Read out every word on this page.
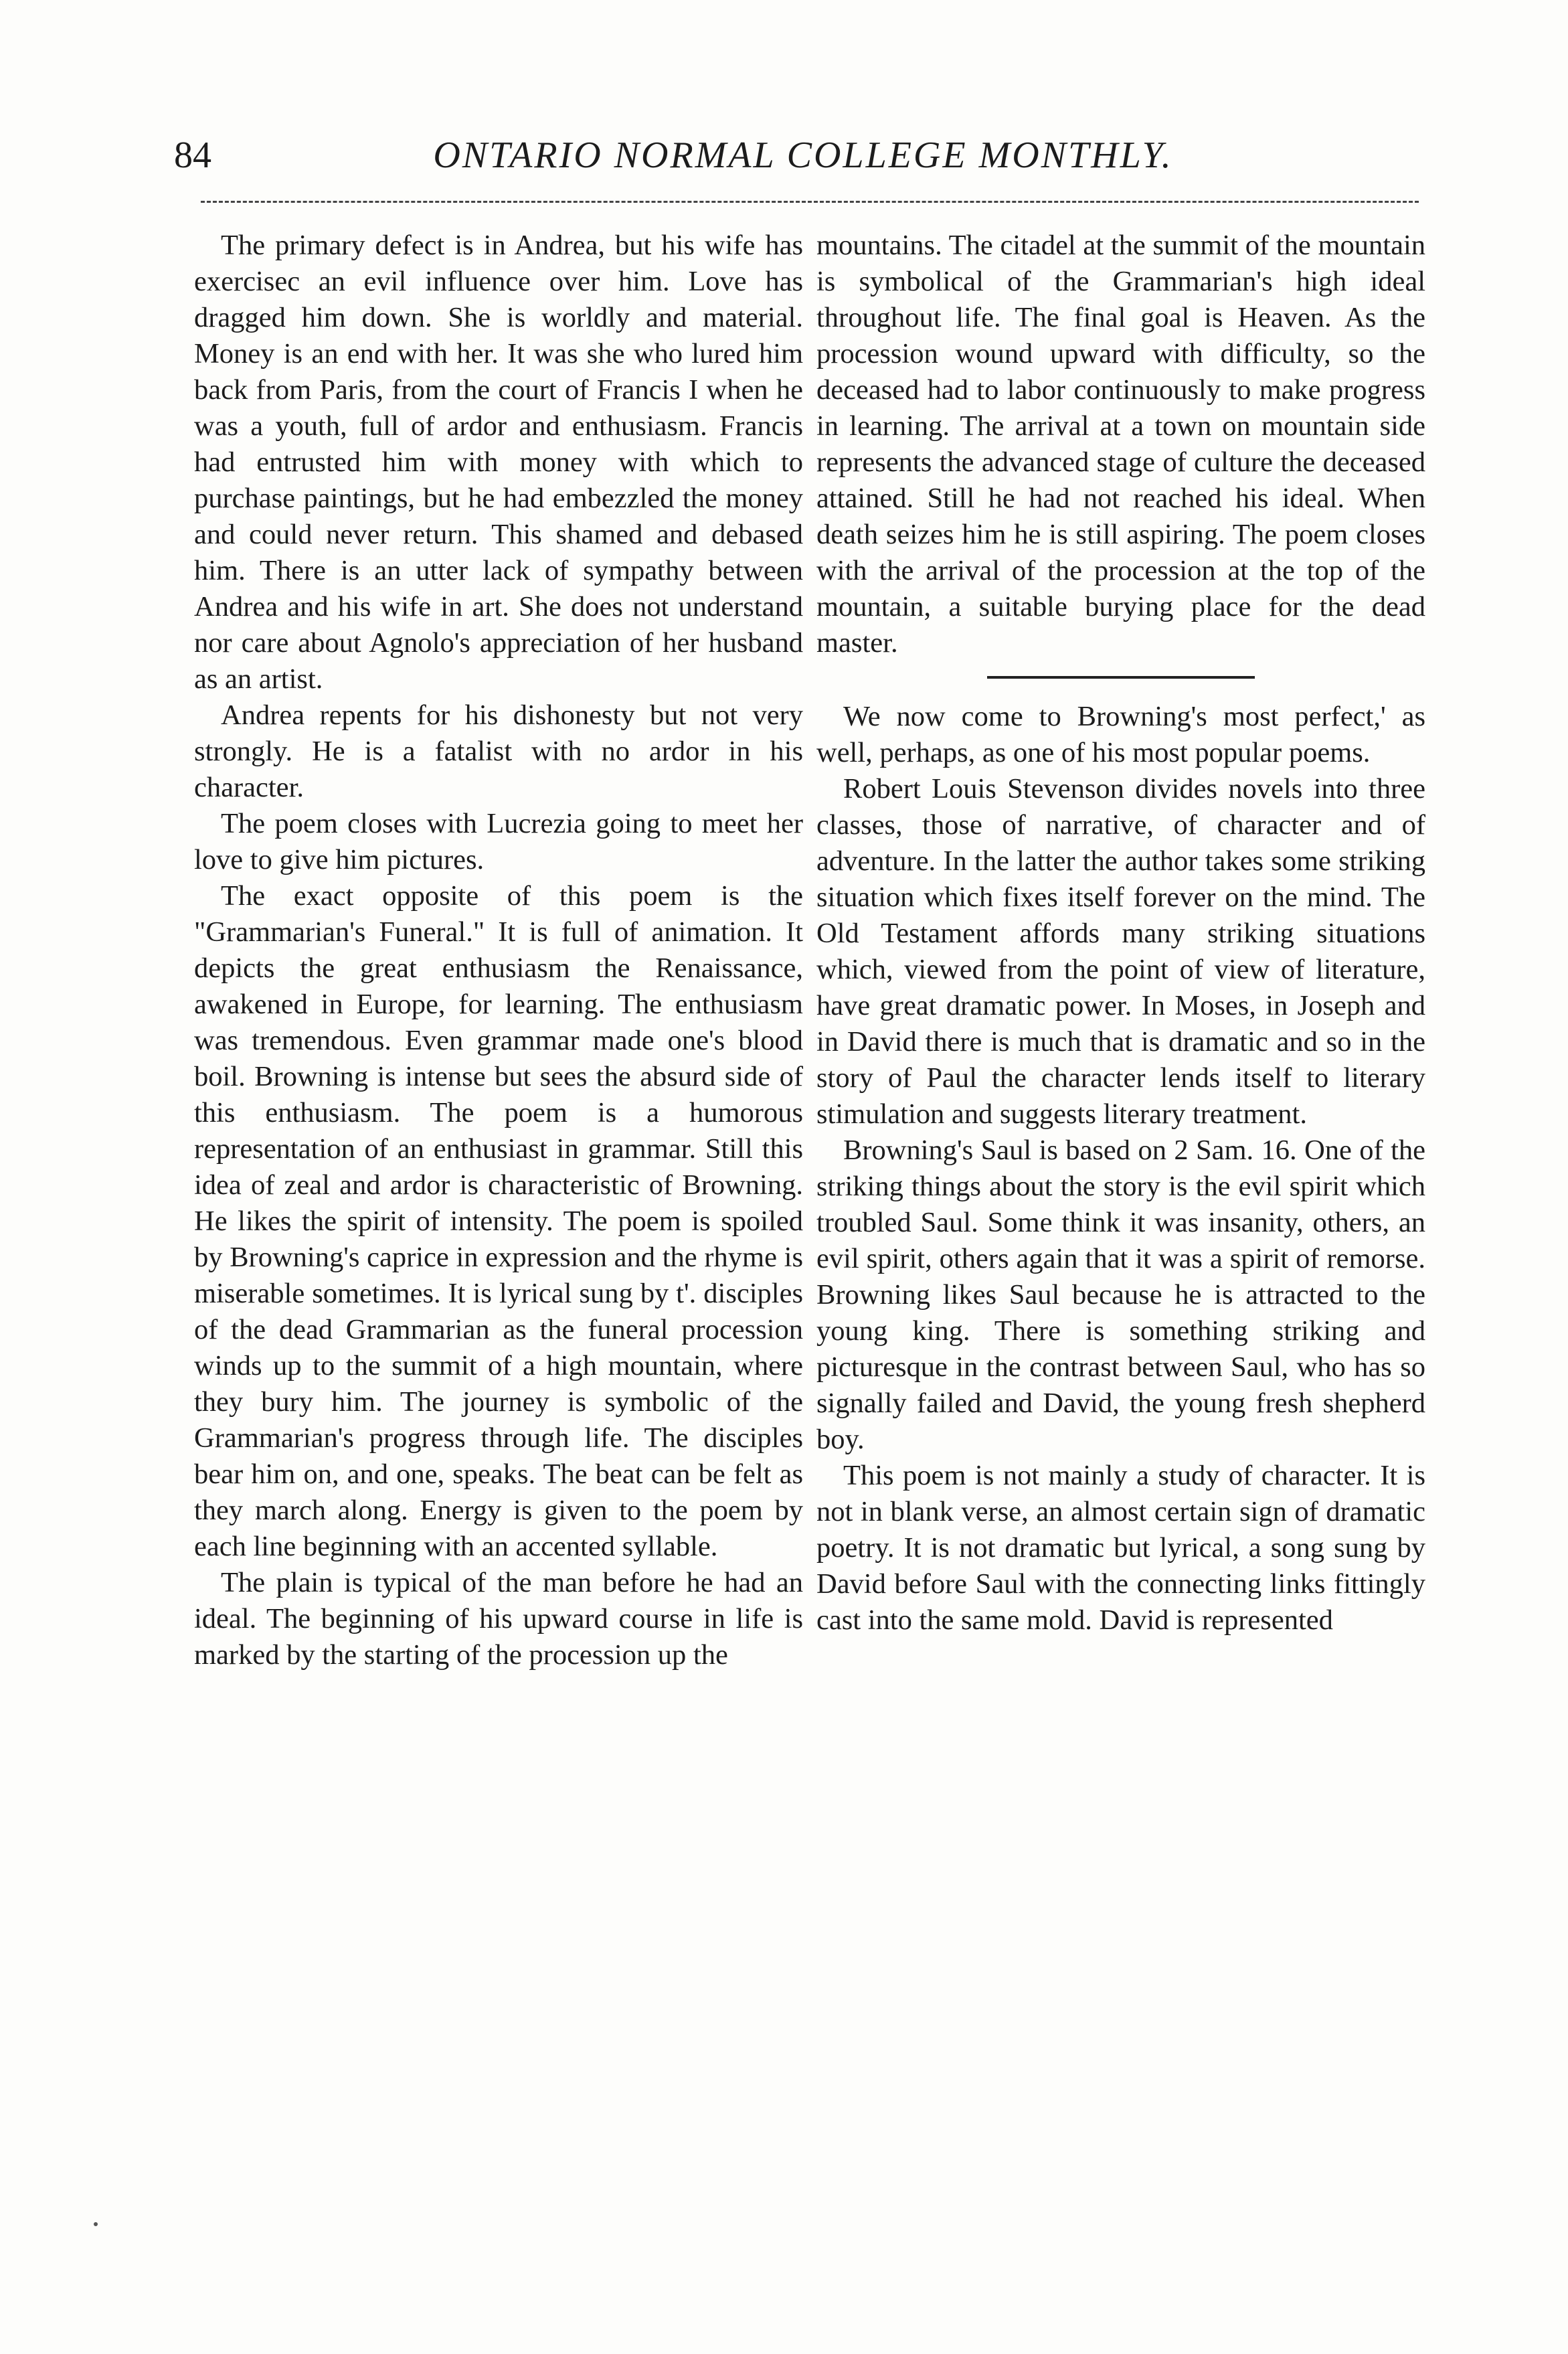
84	ONTARIO NORMAL COLLEGE MONTHLY.

The primary defect is in Andrea, but his wife has exercisec an evil influence over him. Love has dragged him down. She is worldly and material. Money is an end with her. It was she who lured him back from Paris, from the court of Francis I when he was a youth, full of ardor and enthusiasm. Francis had entrusted him with money with which to purchase paintings, but he had embezzled the money and could never return. This shamed and debased him. There is an utter lack of sympathy between Andrea and his wife in art. She does not understand nor care about Agnolo's appreciation of her husband as an artist.

Andrea repents for his dishonesty but not very strongly. He is a fatalist with no ardor in his character.

The poem closes with Lucrezia going to meet her love to give him pictures.

The exact opposite of this poem is the "Grammarian's Funeral." It is full of animation. It depicts the great enthusiasm the Renaissance, awakened in Europe, for learning. The enthusiasm was tremendous. Even grammar made one's blood boil. Browning is intense but sees the absurd side of this enthusiasm. The poem is a humorous representation of an enthusiast in grammar. Still this idea of zeal and ardor is characteristic of Browning. He likes the spirit of intensity. The poem is spoiled by Browning's caprice in expression and the rhyme is miserable sometimes. It is lyrical sung by t'. disciples of the dead Grammarian as the funeral procession winds up to the summit of a high mountain, where they bury him. The journey is symbolic of the Grammarian's progress through life. The disciples bear him on, and one, speaks. The beat can be felt as they march along. Energy is given to the poem by each line beginning with an accented syllable.

The plain is typical of the man before he had an ideal. The beginning of his upward course in life is marked by the starting of the procession up the

mountains. The citadel at the summit of the mountain is symbolical of the Grammarian's high ideal throughout life. The final goal is Heaven. As the procession wound upward with difficulty, so the deceased had to labor continuously to make progress in learning. The arrival at a town on mountain side represents the advanced stage of culture the deceased attained. Still he had not reached his ideal. When death seizes him he is still aspiring. The poem closes with the arrival of the procession at the top of the mountain, a suitable burying place for the dead master.

We now come to Browning's most perfect,' as well, perhaps, as one of his most popular poems.

Robert Louis Stevenson divides novels into three classes, those of narrative, of character and of adventure. In the latter the author takes some striking situation which fixes itself forever on the mind. The Old Testament affords many striking situations which, viewed from the point of view of literature, have great dramatic power. In Moses, in Joseph and in David there is much that is dramatic and so in the story of Paul the character lends itself to literary stimulation and suggests literary treatment.

Browning's Saul is based on 2 Sam. 16. One of the striking things about the story is the evil spirit which troubled Saul. Some think it was insanity, others, an evil spirit, others again that it was a spirit of remorse. Browning likes Saul because he is attracted to the young king. There is something striking and picturesque in the contrast between Saul, who has so signally failed and David, the young fresh shepherd boy.

This poem is not mainly a study of character. It is not in blank verse, an almost certain sign of dramatic poetry. It is not dramatic but lyrical, a song sung by David before Saul with the connecting links fittingly cast into the same mold. David is represented
